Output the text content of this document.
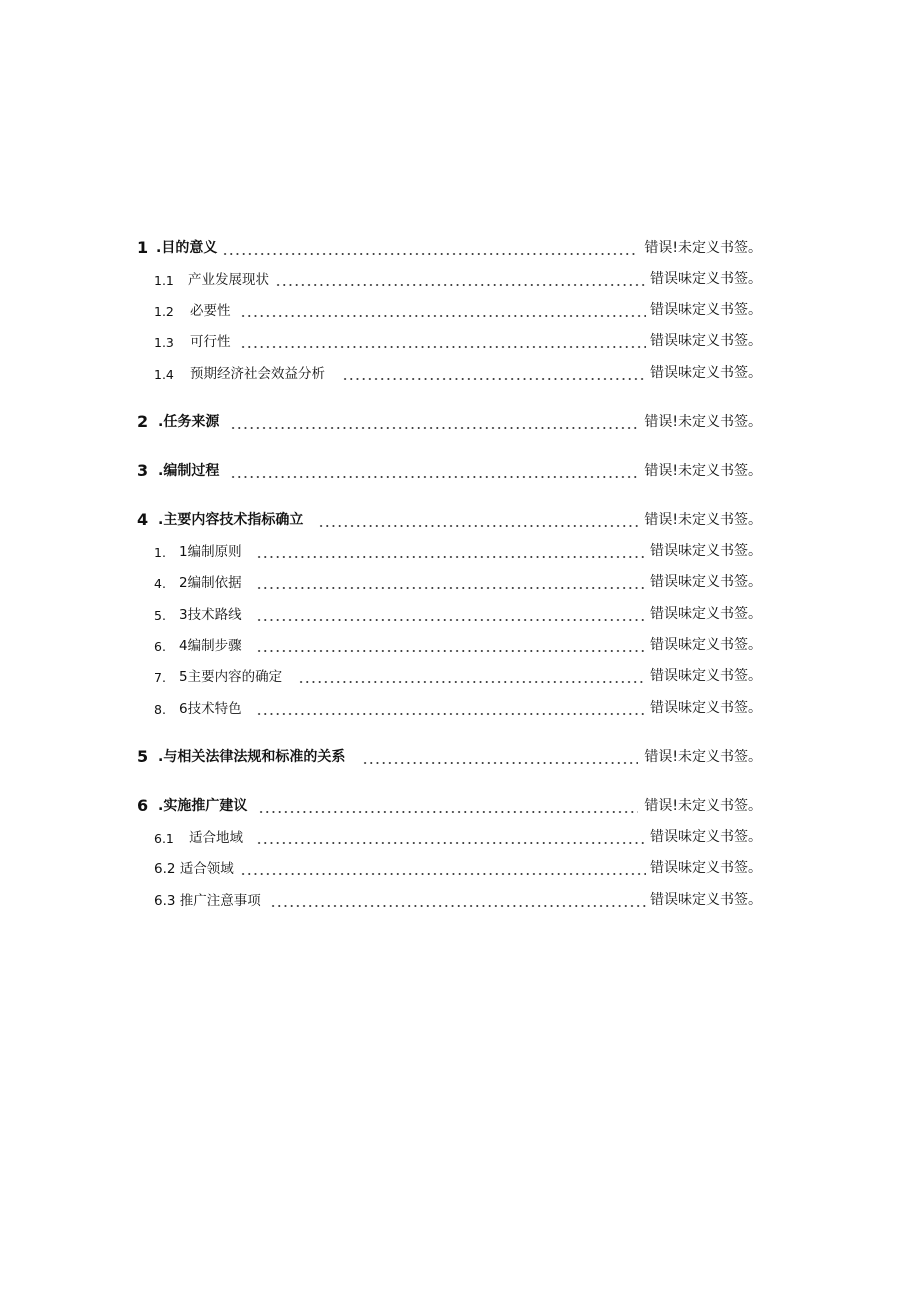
1 .目的意义	错误!未定义书签。
1.1 产业发展现状	错误味定义书签。
1.2 必要性	错误味定义书签。
1.3 可行性	错误味定义书签。
1.4 预期经济社会效益分析	错误味定义书签。
2 .任务来源	错误!未定义书签。
3 .编制过程	错误!未定义书签。
4 .主要内容技术指标确立	错误!未定义书签。
1. 1编制原则	错误味定义书签。
4. 2编制依据	错误味定义书签。
5. 3技术路线	错误味定义书签。
6. 4编制步骤	错误味定义书签。
7. 5主要内容的确定	错误味定义书签。
8. 6技术特色	错误味定义书签。
5 .与相关法律法规和标准的关系	错误!未定义书签。
6 .实施推广建议	错误!未定义书签。
6.1 适合地域	错误味定义书签。
6.2 适合领域	错误味定义书签。
6.3 推广注意事项	错误味定义书签。
